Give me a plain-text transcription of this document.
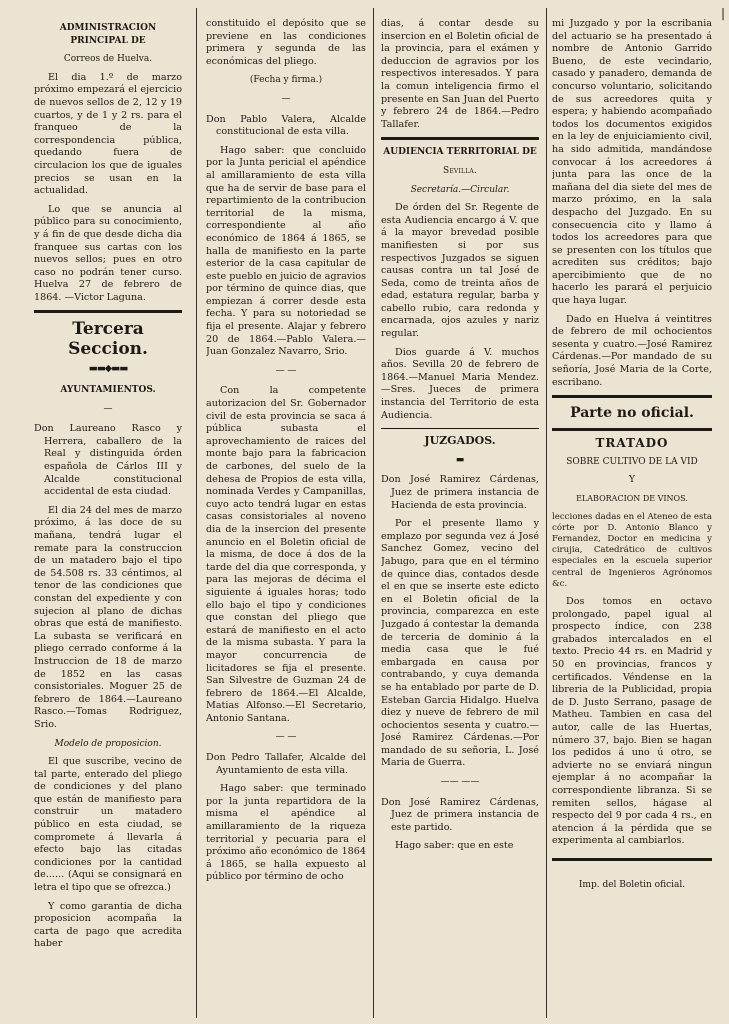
|
ADMINISTRACION PRINCIPAL DE
Correos de Huelva.

El dia 1.º de marzo próximo empezará el ejercicio de nuevos sellos de 2, 12 y 19 cuartos, y de 1 y 2 rs. para el franqueo de la correspondencia pública, quedando fuera de circulacion los que de iguales precios se usan en la actualidad.

Lo que se anuncia al público para su conocimiento, y á fin de que desde dicha dia franquee sus cartas con los nuevos sellos; pues en otro caso no podrán tener curso. Huelva 27 de febrero de 1864. —Victor Laguna.

Tercera Seccion.
▬▬◆▬▬
AYUNTAMIENTOS.
—

Don Laureano Rasco y Herrera, caballero de la Real y distinguida órden española de Cárlos III y Alcalde constitucional accidental de esta ciudad.

El dia 24 del mes de marzo próximo, á las doce de su mañana, tendrá lugar el remate para la construccion de un matadero bajo el tipo de 54.508 rs. 33 céntimos, al tenor de las condiciones que constan del expediente y con sujecion al plano de dichas obras que está de manifiesto. La subasta se verificará en pliego cerrado conforme á la Instruccion de 18 de marzo de 1852 en las casas consistoriales. Moguer 25 de febrero de 1864.—Laureano Rasco.—Tomas Rodriguez, Srio.

Modelo de proposicion.

El que suscribe, vecino de tal parte, enterado del pliego de condiciones y del plano que están de manifiesto para construir un matadero público en esta ciudad, se compromete á llevarla á efecto bajo las citadas condiciones por la cantidad de...... (Aqui se consignará en letra el tipo que se ofrezca.)

Y como garantia de dicha proposicion acompaña la carta de pago que acredita haber

constituido el depósito que se previene en las condiciones primera y segunda de las económicas del pliego.

(Fecha y firma.)
—

Don Pablo Valera, Alcalde constitucional de esta villa.

Hago saber: que concluido por la Junta pericial el apéndice al amillaramiento de esta villa que ha de servir de base para el repartimiento de la contribucion territorial de la misma, correspondiente al año económico de 1864 á 1865, se halla de manifiesto en la parte esterior de la casa capitular de este pueblo en juicio de agravios por término de quince dias, que empiezan á correr desde esta fecha. Y para su notoriedad se fija el presente. Alajar y febrero 20 de 1864.—Pablo Valera.—Juan Gonzalez Navarro, Srio.

— —

Con la competente autorizacion del Sr. Gobernador civil de esta provincia se saca á pública subasta el aprovechamiento de raices del monte bajo para la fabricacion de carbones, del suelo de la dehesa de Propios de esta villa, nominada Verdes y Campanillas, cuyo acto tendrá lugar en estas casas consistoriales al noveno dia de la insercion del presente anuncio en el Boletin oficial de la misma, de doce á dos de la tarde del dia que corresponda, y para las mejoras de décima el siguiente á iguales horas; todo ello bajo el tipo y condiciones que constan del pliego que estará de manifiesto en el acto de la misma subasta. Y para la mayor concurrencia de licitadores se fija el presente. San Silvestre de Guzman 24 de febrero de 1864.—El Alcalde, Matias Alfonso.—El Secretario, Antonio Santana.

— —

Don Pedro Tallafer, Alcalde del Ayuntamiento de esta villa.

Hago saber: que terminado por la junta repartidora de la misma el apéndice al amillaramiento de la riqueza territorial y pecuaria para el próximo año económico de 1864 á 1865, se halla expuesto al público por término de ocho

dias, á contar desde su insercion en el Boletin oficial de la provincia, para el exámen y deduccion de agravios por los respectivos interesados. Y para la comun inteligencia firmo el presente en San Juan del Puerto y febrero 24 de 1864.—Pedro Tallafer.

AUDIENCIA TERRITORIAL DE
Sevilla.
Secretaría.—Circular.

De órden del Sr. Regente de esta Audiencia encargo á V. que á la mayor brevedad posible manifiesten si por sus respectivos Juzgados se siguen causas contra un tal José de Seda, como de treinta años de edad, estatura regular, barba y cabello rubio, cara redonda y encarnada, ojos azules y nariz regular.

Dios guarde á V. muchos años. Sevilla 20 de febrero de 1864.—Manuel Maria Mendez.—Sres. Jueces de primera instancia del Territorio de esta Audiencia.

JUZGADOS.
▬

Don José Ramirez Cárdenas, Juez de primera instancia de Hacienda de esta provincia.

Por el presente llamo y emplazo por segunda vez á José Sanchez Gomez, vecino del Jabugo, para que en el término de quince dias, contados desde el en que se inserte este edicto en el Boletin oficial de la provincia, comparezca en este Juzgado á contestar la demanda de terceria de dominio á la media casa que le fué embargada en causa por contrabando, y cuya demanda se ha entablado por parte de D. Esteban Garcia Hidalgo. Huelva diez y nueve de febrero de mil ochocientos sesenta y cuatro.—José Ramirez Cárdenas.—Por mandado de su señoria, L. José Maria de Guerra.

—— ——

Don José Ramirez Cárdenas, Juez de primera instancia de este partido.

Hago saber: que en este

mi Juzgado y por la escribania del actuario se ha presentado á nombre de Antonio Garrido Bueno, de este vecindario, casado y panadero, demanda de concurso voluntario, solicitando de sus acreedores quita y espera; y habiendo acompañado todos los documentos exigidos en la ley de enjuiciamiento civil, ha sido admitida, mandándose convocar á los acreedores á junta para las once de la mañana del dia siete del mes de marzo próximo, en la sala despacho del Juzgado. En su consecuencia cito y llamo á todos los acreedores para que se presenten con los títulos que acrediten sus créditos; bajo apercibimiento que de no hacerlo les parará el perjuicio que haya lugar.

Dado en Huelva á veintitres de febrero de mil ochocientos sesenta y cuatro.—José Ramirez Cárdenas.—Por mandado de su señoría, José Maria de la Corte, escribano.

Parte no oficial.
TRATADO
SOBRE CULTIVO DE LA VID
Y
ELABORACION DE VINOS.

lecciones dadas en el Ateneo de esta córte por D. Antonio Blanco y Fernandez, Doctor en medicina y cirujia, Catedrático de cultivos especiales en la escuela superior central de Ingenieros Agrónomos &c.

Dos tomos en octavo prolongado, papel igual al prospecto índice, con 238 grabados intercalados en el texto. Precio 44 rs. en Madrid y 50 en provincias, francos y certificados. Véndense en la libreria de la Publicidad, propia de D. Justo Serrano, pasage de Matheu. Tambien en casa del autor, calle de las Huertas, número 37, bajo. Bien se hagan los pedidos á uno ú otro, se advierte no se enviará ningun ejemplar á no acompañar la correspondiente libranza. Si se remiten sellos, hágase al respecto del 9 por cada 4 rs., en atencion á la pérdida que se experimenta al cambiarlos.

Imp. del Boletin oficial.
